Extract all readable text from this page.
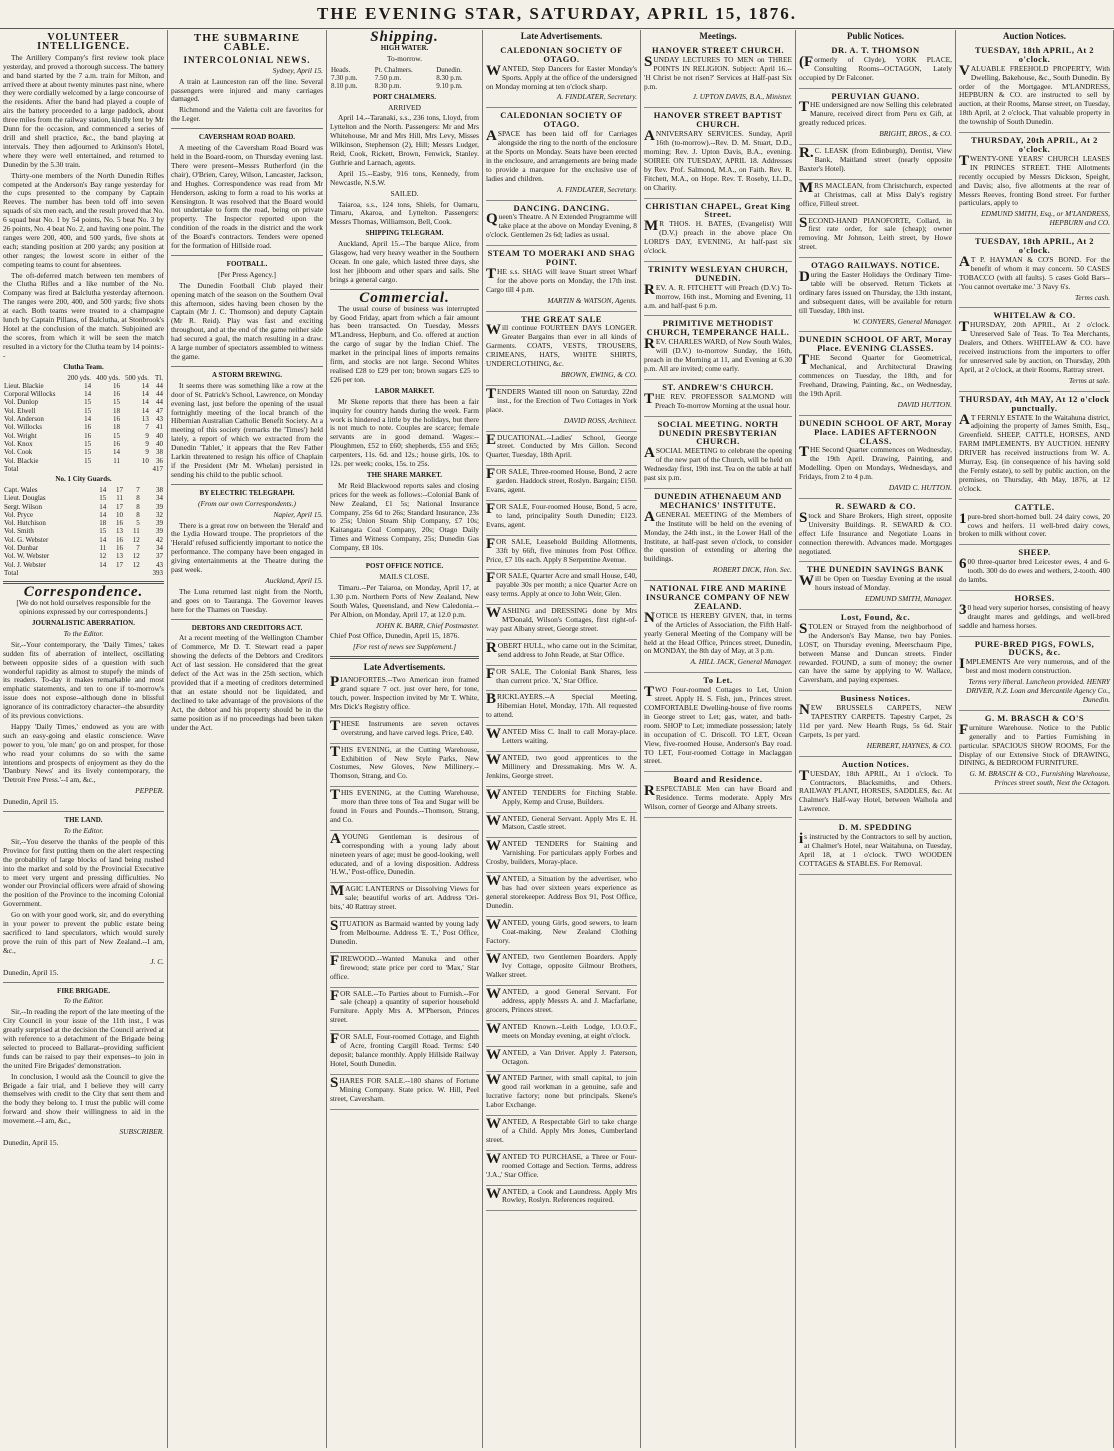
THE EVENING STAR, SATURDAY, APRIL 15, 1876.
VOLUNTEER INTELLIGENCE.

The Artillery Company's first review took place yesterday, and proved a thorough success. The battery and band started by the 7 a.m. train for Milton, and arrived there at about twenty minutes past nine, where they were cordially welcomed by a large concourse of the residents. After the band had played a couple of airs the battery proceeded to a large paddock, about three miles from the railway station, kindly lent by Mr Dunn for the occasion, and commenced a series of drill and shell practice, &c., the band playing at intervals. They then adjourned to Atkinson's Hotel, where they were well entertained, and returned to Dunedin by the 5.30 train.

Thirty-one members of the North Dunedin Rifles competed at the Anderson's Bay range yesterday for the cups presented to the company by Captain Reeves. The number has been told off into seven squads of six men each, and the result proved that No. 6 squad beat No. 1 by 54 points, No. 5 beat No. 3 by 26 points, No. 4 beat No. 2, and having one point. The ranges were 200, 400, and 500 yards, five shots at each; standing position at 200 yards; any position at other ranges; the lowest score in either of the competing teams to count for absentees.

The oft-deferred match between ten members of the Clutha Rifles and a like number of the No. Company was fired at Balclutha yesterday afternoon. The ranges were 200, 400, and 500 yards; five shots at each. Both teams were treated to a champagne lunch by Captain Pillans, of Balclutha, at Stonbrook's Hotel at the conclusion of the match. Subjoined are the scores, from which it will be seen the match resulted in a victory for the Clutha team by 14 points:--

Clutha Team.
	200 yds.	400 yds.	500 yds.	Tl.
Lieut. Blackie	14	16	14	44
Corporal Willocks	14	16	14	44
Vol. Dunlop	15	15	14	44
Vol. Elwell	15	18	14	47
Vol. Anderson	14	16	13	43
Vol. Willocks	16	18	7	41
Vol. Wright	16	15	9	40
Vol. Knox	15	16	9	40
Vol. Cook	15	14	9	38
Vol. Blackie	15	11	10	36
Total				417
No. 1 City Guards.
Capt. Wales	14	17	7	38
Lieut. Douglas	15	11	8	34
Sergt. Wilson	14	17	8	39
Vol. Pryce	14	10	8	32
Vol. Hutchison	18	16	5	39
Vol. Smith	15	13	11	39
Vol. G. Webster	14	16	12	42
Vol. Dunbar	11	16	7	34
Vol. W. Webster	12	13	12	37
Vol. J. Webster	14	17	12	43
Total				393
Correspondence.

[We do not hold ourselves responsible for the opinions expressed by our correspondents.]

JOURNALISTIC ABERRATION.

To the Editor.

Sir,--Your contemporary, the 'Daily Times,' takes sudden fits of aberration of intellect, oscillating between opposite sides of a question with such wonderful rapidity as almost to stupefy the minds of its readers. To-day it makes remarkable and most emphatic statements, and ten to one if to-morrow's issue does not expose--although done in blissful ignorance of its contradictory character--the absurdity of its previous convictions.

Happy 'Daily Times,' endowed as you are with such an easy-going and elastic conscience. Wave power to you, 'ole man;' go on and prosper, for those who read your columns do so with the same intentions and prospects of enjoyment as they do the 'Danbury News' and its lively contemporary, the 'Detroit Free Press.'--I am, &c.,

PEPPER.

Dunedin, April 15.

THE LAND.

To the Editor.

Sir,--You deserve the thanks of the people of this Province for first putting them on the alert respecting the probability of large blocks of land being rushed into the market and sold by the Provincial Executive to meet very urgent and pressing difficulties. No wonder our Provincial officers were afraid of showing the position of the Province to the incoming Colonial Government.

Go on with your good work, sir, and do everything in your power to prevent the public estate being sacrificed to land speculators, which would surely prove the ruin of this part of New Zealand.--I am, &c.,

J. C.

Dunedin, April 15.

FIRE BRIGADE.

To the Editor.

Sir,--In reading the report of the late meeting of the City Council in your issue of the 11th inst., I was greatly surprised at the decision the Council arrived at with reference to a detachment of the Brigade being selected to proceed to Ballarat--providing sufficient funds can be raised to pay their expenses--to join in the united Fire Brigades' demonstration.

In conclusion, I would ask the Council to give the Brigade a fair trial, and I believe they will carry themselves with credit to the City that sent them and the body they belong to. I trust the public will come forward and show their willingness to aid in the movement.--I am, &c.,

SUBSCRIBER.

Dunedin, April 15.

THE SUBMARINE CABLE.
INTERCOLONIAL NEWS.

Sydney, April 15.

A train at Launceston ran off the line. Several passengers were injured and many carriages damaged.

Richmond and the Valetta colt are favorites for the Leger.

CAVERSHAM ROAD BOARD.

A meeting of the Caversham Road Board was held in the Board-room, on Thursday evening last. There were present--Messrs Rutherford (in the chair), O'Brien, Carey, Wilson, Lancaster, Jackson, and Hughes. Correspondence was read from Mr Henderson, asking to form a road to his works at Kensington. It was resolved that the Board would not undertake to form the road, being on private property. The Inspector reported upon the condition of the roads in the district and the work of the Board's contractors. Tenders were opened for the formation of Hillside road.

FOOTBALL.

[Per Press Agency.]

The Dunedin Football Club played their opening match of the season on the Southern Oval this afternoon, sides having been chosen by the Captain (Mr J. C. Thomson) and deputy Captain (Mr R. Reid). Play was fast and exciting throughout, and at the end of the game neither side had secured a goal, the match resulting in a draw. A large number of spectators assembled to witness the game.

A STORM BREWING.

It seems there was something like a row at the door of St. Patrick's School, Lawrence, on Monday evening last, just before the opening of the usual fortnightly meeting of the local branch of the Hibernian Australian Catholic Benefit Society. At a meeting of this society (remarks the 'Times') held lately, a report of which we extracted from the Dunedin 'Tablet,' it appears that the Rev Father Larkin threatened to resign his office of Chaplain if the President (Mr M. Whelan) persisted in sending his child to the public school.

BY ELECTRIC TELEGRAPH.

(From our own Correspondents.)

Napier, April 15.

There is a great row on between the 'Herald' and the Lydia Howard troupe. The proprietors of the 'Herald' refused sufficiently important to notice the performance. The company have been engaged in giving entertainments at the Theatre during the past week.

Auckland, April 15.

The Luna returned last night from the North, and goes on to Tauranga. The Governor leaves here for the Thames on Tuesday.

DEBTORS AND CREDITORS ACT.

At a recent meeting of the Wellington Chamber of Commerce, Mr D. T. Stewart read a paper showing the defects of the Debtors and Creditors Act of last session. He considered that the great defect of the Act was in the 25th section, which provided that if a meeting of creditors determined that an estate should not be liquidated, and declined to take advantage of the provisions of the Act, the debtor and his property should be in the same position as if no proceedings had been taken under the Act.

Shipping.
HIGH WATER.

To-morrow.

Heads.	Pt. Chalmers.	Dunedin.
7.30 p.m.	7.50 p.m.	8.30 p.m.
8.10 p.m.	8.30 p.m.	9.10 p.m.
PORT CHALMERS.

ARRIVED

April 14.--Taranaki, s.s., 236 tons, Lloyd, from Lyttelton and the North. Passengers: Mr and Mrs Whitehouse, Mr and Mrs Hill, Mrs Levy, Misses Wilkinson, Stephenson (2), Hill; Messrs Ludger, Reid, Cook, Rickett, Brown, Fenwick, Stanley. Guthrie and Larnach, agents.

April 15.--Easby, 916 tons, Kennedy, from Newcastle, N.S.W.

SAILED.

Taiaroa, s.s., 124 tons, Shiels, for Oamaru, Timaru, Akaroa, and Lyttelton. Passengers: Messrs Thomas, Williamson, Bell, Cook.

SHIPPING TELEGRAM.

Auckland, April 15.--The barque Alice, from Glasgow, had very heavy weather in the Southern Ocean. In one gale, which lasted three days, she lost her jibboom and other spars and sails. She brings a general cargo.

Commercial.

The usual course of business was interrupted by Good Friday, apart from which a fair amount has been transacted. On Tuesday, Messrs M'Landress, Hepburn, and Co. offered at auction the cargo of sugar by the Indian Chief. The market in the principal lines of imports remains firm, and stocks are not large. Second Whites realised £28 to £29 per ton; brown sugars £25 to £26 per ton.

LABOR MARKET.

Mr Skene reports that there has been a fair inquiry for country hands during the week. Farm work is hindered a little by the holidays, but there is not much to note. Couples are scarce; female servants are in good demand. Wages:--Ploughmen, £52 to £60; shepherds, £55 and £65; carpenters, 11s. 6d. and 12s.; house girls, 10s. to 12s. per week; cooks, 15s. to 25s.

THE SHARE MARKET.

Mr Reid Blackwood reports sales and closing prices for the week as follows:--Colonial Bank of New Zealand, £1 5s; National Insurance Company, 25s 6d to 26s; Standard Insurance, 23s to 25s; Union Steam Ship Company, £7 10s; Kaitangata Coal Company, 20s; Otago Daily Times and Witness Company, 25s; Dunedin Gas Company, £8 10s.

POST OFFICE NOTICE.

MAILS CLOSE.

Timaru.--Per Taiaroa, on Monday, April 17, at 1.30 p.m. Northern Ports of New Zealand, New South Wales, Queensland, and New Caledonia.--Per Albion, on Monday, April 17, at 12.0 p.m.

JOHN K. BARR, Chief Postmaster.

Chief Post Office, Dunedin, April 15, 1876.

[For rest of news see Supplement.]

Late Advertisements.

PIANOFORTES.--Two American iron framed grand square 7 oct. just over here, for tone, touch, power. Inspection invited by Mr T. White, Mrs Dick's Registry office.

THESE Instruments are seven octaves overstrung, and have carved legs. Price, £40.

THIS EVENING, at the Cutting Warehouse, Exhibition of New Style Parks, New Costumes, New Gloves, New Millinery.--Thomson, Strang, and Co.

THIS EVENING, at the Cutting Warehouse, more than three tons of Tea and Sugar will be found in Fours and Pounds.--Thomson, Strang, and Co.

AYOUNG Gentleman is desirous of corresponding with a young lady about nineteen years of age; must be good-looking, well educated, and of a loving disposition. Address 'H.W.,' Post-office, Dunedin.

MAGIC LANTERNS or Dissolving Views for sale; beautiful works of art. Address 'Ori-bits,' 40 Rattray street.

SITUATION as Barmaid wanted by young lady from Melbourne. Address 'E. T.,' Post Office, Dunedin.

FIREWOOD.--Wanted Manuka and other firewood; state price per cord to 'Max,' Star office.

FOR SALE.--To Parties about to Furnish.--For sale (cheap) a quantity of superior household Furniture. Apply Mrs A. M'Pherson, Princes street.

FOR SALE, Four-roomed Cottage, and Eighth of Acre, fronting Cargill Road. Terms: £40 deposit; balance monthly. Apply Hillside Railway Hotel, South Dunedin.

SHARES FOR SALE.--180 shares of Fortune Mining Company. State price. W. Hill, Peel street, Caversham.

Late Advertisements.
CALEDONIAN SOCIETY OF OTAGO.

WANTED, Step Dancers for Easter Monday's Sports. Apply at the office of the undersigned on Monday morning at ten o'clock sharp.

A. FINDLATER, Secretary.

CALEDONIAN SOCIETY OF OTAGO.

ASPACE has been laid off for Carriages alongside the ring to the north of the enclosure at the Sports on Monday. Seats have been erected in the enclosure, and arrangements are being made to provide a marquee for the exclusive use of ladies and children.

A. FINDLATER, Secretary.

DANCING. DANCING.

Queen's Theatre. A N Extended Programme will take place at the above on Monday Evening, 8 o'clock. Gentlemen 2s 6d; ladies as usual.

STEAM TO MOERAKI AND SHAG POINT.

THE s.s. SHAG will leave Stuart street Wharf for the above ports on Monday, the 17th inst. Cargo till 4 p.m.

MARTIN & WATSON, Agents.

THE GREAT SALE

Will continue FOURTEEN DAYS LONGER. Greater Bargains than ever in all kinds of Garments. COATS, VESTS, TROUSERS, CRIMEANS, HATS, WHITE SHIRTS, UNDERCLOTHING, &c.

BROWN, EWING, & CO.

TENDERS Wanted till noon on Saturday, 22nd inst., for the Erection of Two Cottages in York place.

DAVID ROSS, Architect.

EDUCATIONAL.--Ladies' School, George street. Conducted by Mrs Gillon. Second Quarter, Tuesday, 18th April.

FOR SALE, Three-roomed House, Bond, 2 acre garden. Haddock street, Roslyn. Bargain; £150. Evans, agent.

FOR SALE, Four-roomed House, Bond, 5 acre, to land, principality South Dunedin; £123. Evans, agent.

FOR SALE, Leasehold Building Allotments, 33ft by 66ft, five minutes from Post Office. Price, £7 10s each. Apply 8 Serpentine Avenue.

FOR SALE, Quarter Acre and small House, £40, payable 30s per month; a nice Quarter Acre on easy terms. Apply at once to John Weir, Glen.

WASHING and DRESSING done by Mrs M'Donald, Wilson's Cottages, first right-of-way past Albany street, George street.

ROBERT HULL, who came out in the Scimitar, send address to John Reade, at Star Office.

FOR SALE, The Colonial Bank Shares, less than current price. 'X,' Star Office.

BRICKLAYERS.--A Special Meeting, Hibernian Hotel, Monday, 17th. All requested to attend.

WANTED Miss C. Inall to call Moray-place. Letters waiting.

WANTED, two good apprentices to the Millinery and Dressmaking. Mrs W. A. Jenkins, George street.

WANTED TENDERS for Fitching Stable. Apply, Kemp and Cruse, Builders.

WANTED, General Servant. Apply Mrs E. H. Matson, Castle street.

WANTED TENDERS for Staining and Varnishing. For particulars apply Forbes and Crosby, builders, Moray-place.

WANTED, a Situation by the advertiser, who has had over sixteen years experience as general storekeeper. Address Box 91, Post Office, Dunedin.

WANTED, young Girls, good sewers, to learn Coat-making. New Zealand Clothing Factory.

WANTED, two Gentlemen Boarders. Apply Ivy Cottage, opposite Gilmour Brothers, Walker street.

WANTED, a good General Servant. For address, apply Messrs A. and J. Macfarlane, grocers, Princes street.

WANTED Known.--Leith Lodge, I.O.O.F., meets on Monday evening, at eight o'clock.

WANTED, a Van Driver. Apply J. Paterson, Octagon.

WANTED Partner, with small capital, to join good rail workman in a genuine, safe and lucrative factory; none but principals. Skene's Labor Exchange.

WANTED, A Respectable Girl to take charge of a Child. Apply Mrs Jones, Cumberland street.

WANTED TO PURCHASE, a Three or Four-roomed Cottage and Section. Terms, address 'J.A.,' Star Office.

WANTED, a Cook and Laundress. Apply Mrs Rowley, Roslyn. References required.

Meetings.
HANOVER STREET CHURCH.

SUNDAY LECTURES TO MEN on THREE POINTS IN RELIGION. Subject: April 16.--'H Christ be not risen?' Services at Half-past Six p.m.

J. UPTON DAVIS, B.A., Minister.

HANOVER STREET BAPTIST CHURCH.

ANNIVERSARY SERVICES. Sunday, April 16th (to-morrow).--Rev. D. M. Stuart, D.D., morning; Rev. J. Upton Davis, B.A., evening. SOIREE ON TUESDAY, APRIL 18. Addresses by Rev. Prof. Salmond, M.A., on Faith. Rev. R. Fitchett, M.A., on Hope. Rev. T. Roseby, LL.D., on Charity.

CHRISTIAN CHAPEL, Great King Street.

MR THOS. H. BATES, (Evangelist) Will (D.V.) preach in the above place On LORD'S DAY, EVENING, At half-past six o'clock.

TRINITY WESLEYAN CHURCH, DUNEDIN.

REV. A. R. FITCHETT will Preach (D.V.) To-morrow, 16th inst., Morning and Evening, 11 a.m. and half-past 6 p.m.

PRIMITIVE METHODIST CHURCH, TEMPERANCE HALL.

REV. CHARLES WARD, of New South Wales, will (D.V.) to-morrow Sunday, the 16th, preach in the Morning at 11, and Evening at 6.30 p.m. All are invited; come early.

ST. ANDREW'S CHURCH.

THE REV. PROFESSOR SALMOND will Preach To-morrow Morning at the usual hour.

SOCIAL MEETING. NORTH DUNEDIN PRESBYTERIAN CHURCH.

ASOCIAL MEETING to celebrate the opening of the new part of the Church, will be held on Wednesday first, 19th inst. Tea on the table at half past six p.m.

DUNEDIN ATHENAEUM AND MECHANICS' INSTITUTE.

AGENERAL MEETING of the Members of the Institute will be held on the evening of Monday, the 24th inst., in the Lower Hall of the Institute, at half-past seven o'clock, to consider the question of extending or altering the buildings.

ROBERT DICK, Hon. Sec.

NATIONAL FIRE AND MARINE INSURANCE COMPANY OF NEW ZEALAND.

NOTICE IS HEREBY GIVEN, that, in terms of the Articles of Association, the Fifth Half-yearly General Meeting of the Company will be held at the Head Office, Princes street, Dunedin, on MONDAY, the 8th day of May, at 3 p.m.

A. HILL JACK, General Manager.

To Let.

TWO Four-roomed Cottages to Let, Union street. Apply H. S. Fish, jun., Princes street. COMFORTABLE Dwelling-house of five rooms in George street to Let; gas, water, and bath-room. SHOP to Let; immediate possession; lately in occupation of C. Driscoll. TO LET, Ocean View, five-roomed House, Anderson's Bay road. TO LET, Four-roomed Cottage in Maclaggan street.

Board and Residence.

RESPECTABLE Men can have Board and Residence. Terms moderate. Apply Mrs Wilson, corner of George and Albany streets.

Public Notices.
DR. A. T. THOMSON

(Formerly of Clyde), YORK PLACE, Consulting Rooms--OCTAGON, Lately occupied by Dr Falconer.

PERUVIAN GUANO.

THE undersigned are now Selling this celebrated Manure, received direct from Peru ex Gift, at greatly reduced prices.

BRIGHT, BROS., & CO.

R.C. LEASK (from Edinburgh), Dentist, View Bank, Maitland street (nearly opposite Baxter's Hotel).

MRS MACLEAN, from Christchurch, expected at Christmas, call at Miss Daly's registry office, Filleul street.

SECOND-HAND PIANOFORTE, Collard, in first rate order, for sale (cheap); owner removing. Mr Johnson, Leith street, by Howe street.

OTAGO RAILWAYS. NOTICE.

During the Easter Holidays the Ordinary Time-table will be observed. Return Tickets at ordinary fares issued on Thursday, the 13th instant, and subsequent dates, will be available for return till Tuesday, 18th inst.

W. CONYERS, General Manager.

DUNEDIN SCHOOL OF ART, Moray Place. EVENING CLASSES.

THE Second Quarter for Geometrical, Mechanical, and Architectural Drawing commences on Tuesday, the 18th, and for Freehand, Drawing, Painting, &c., on Wednesday, the 19th April.

DAVID HUTTON.

DUNEDIN SCHOOL OF ART, Moray Place. LADIES AFTERNOON CLASS.

THE Second Quarter commences on Wednesday, the 19th April. Drawing, Painting, and Modelling. Open on Mondays, Wednesdays, and Fridays, from 2 to 4 p.m.

DAVID C. HUTTON.

R. SEWARD & CO.

Stock and Share Brokers, High street, opposite University Buildings. R. SEWARD & CO. effect Life Insurance and Negotiate Loans in connection therewith. Advances made. Mortgages negotiated.

THE DUNEDIN SAVINGS BANK

Will be Open on Tuesday Evening at the usual hours instead of Monday.

EDMUND SMITH, Manager.

Lost, Found, &c.

STOLEN or Strayed from the neighborhood of the Anderson's Bay Manse, two bay Ponies. LOST, on Thursday evening, Meerschaum Pipe, between Manse and Duncan streets. Finder rewarded. FOUND, a sum of money; the owner can have the same by applying to W. Wallace, Caversham, and paying expenses.

Business Notices.

NEW BRUSSELS CARPETS, NEW TAPESTRY CARPETS. Tapestry Carpet, 2s 11d per yard. New Hearth Rugs, 5s 6d. Stair Carpets, 1s per yard.

HERBERT, HAYNES, & CO.

Auction Notices.

TUESDAY, 18th APRIL, At 1 o'clock. To Contractors, Blacksmiths, and Others. RAILWAY PLANT, HORSES, SADDLES, &c. At Chalmer's Half-way Hotel, between Waihola and Lawrence.

D. M. SPEDDING

is instructed by the Contractors to sell by auction, at Chalmer's Hotel, near Waitahuna, on Tuesday, April 18, at 1 o'clock. TWO WOODEN COTTAGES & STABLES. For Removal.

Auction Notices.
TUESDAY, 18th APRIL, At 2 o'clock.

VALUABLE FREEHOLD PROPERTY, With Dwelling, Bakehouse, &c., South Dunedin. By order of the Mortgagee. M'LANDRESS, HEPBURN & CO. are instructed to sell by auction, at their Rooms, Manse street, on Tuesday, 18th April, at 2 o'clock, That valuable property in the township of South Dunedin.

THURSDAY, 20th APRIL, At 2 o'clock.

TWENTY-ONE YEARS' CHURCH LEASES IN PRINCES STREET. THE Allotments recently occupied by Messrs Dickson, Speight, and Davis; also, five allotments at the rear of Messrs Reeves, fronting Bond street. For further particulars, apply to

EDMUND SMITH, Esq., or M'LANDRESS, HEPBURN and CO.

TUESDAY, 18th APRIL, At 2 o'clock.

AT P. HAYMAN & CO'S BOND. For the benefit of whom it may concern. 50 CASES TOBACCO (with all faults). 5 cases Gold Bars--'You cannot overtake me.' 3 Navy 6's.

Terms cash.

WHITELAW & CO.

THURSDAY, 20th APRIL, At 2 o'clock. Unreserved Sale of Teas. To Tea Merchants, Dealers, and Others. WHITELAW & CO. have received instructions from the importers to offer for unreserved sale by auction, on Thursday, 20th April, at 2 o'clock, at their Rooms, Rattray street.

Terms at sale.

THURSDAY, 4th MAY, At 12 o'clock punctually.

AT FERNLY ESTATE In the Waitahuna district, adjoining the property of James Smith, Esq., Greenfield. SHEEP, CATTLE, HORSES, AND FARM IMPLEMENTS. BY AUCTION. HENRY DRIVER has received instructions from W. A. Murray, Esq. (in consequence of his having sold the Fernly estate), to sell by public auction, on the premises, on Thursday, 4th May, 1876, at 12 o'clock.

CATTLE.

1pure-bred short-horned bull. 24 dairy cows, 20 cows and heifers. 11 well-bred dairy cows, broken to milk without cover.

SHEEP.

600 three-quarter bred Leicester ewes, 4 and 6-tooth. 300 do do ewes and wethers, 2-tooth. 400 do lambs.

HORSES.

30 head very superior horses, consisting of heavy draught mares and geldings, and well-bred saddle and harness horses.

PURE-BRED PIGS, FOWLS, DUCKS, &c.

IMPLEMENTS Are very numerous, and of the best and most modern construction.

Terms very liberal. Luncheon provided. HENRY DRIVER, N.Z. Loan and Mercantile Agency Co., Dunedin.

G. M. BRASCH & CO'S

Furniture Warehouse. Notice to the Public generally and to Parties Furnishing in particular. SPACIOUS SHOW ROOMS, For the Display of our Extensive Stock of DRAWING, DINING, & BEDROOM FURNITURE.

G. M. BRASCH & CO., Furnishing Warehouse, Princes street south, Next the Octagon.
